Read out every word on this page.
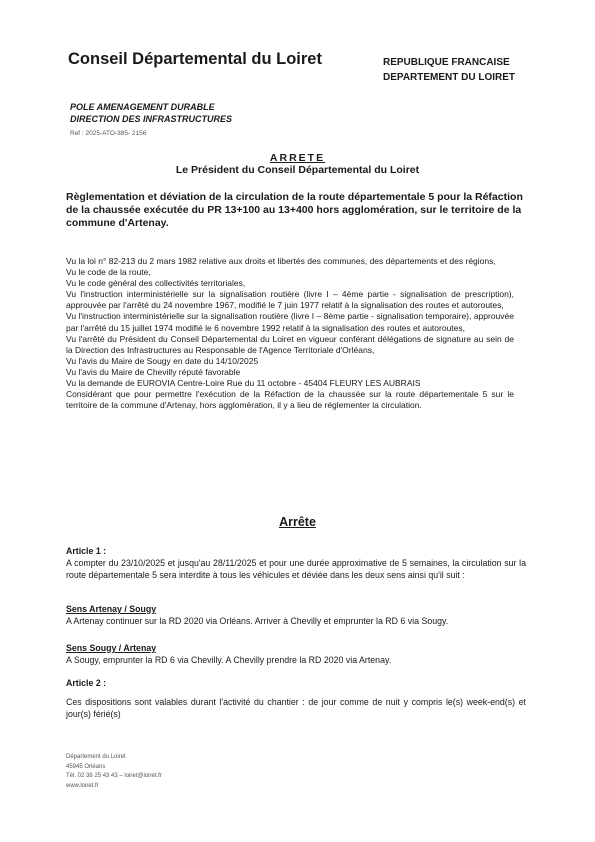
Conseil Départemental du Loiret	REPUBLIQUE FRANCAISE
DEPARTEMENT DU LOIRET
POLE AMENAGEMENT DURABLE
DIRECTION DES INFRASTRUCTURES
Ref : 2025-ATO-385- 2156
ARRETE
Le Président du Conseil Départemental du Loiret
Règlementation et déviation de la circulation de la route départementale 5 pour la Réfaction de la chaussée exécutée du PR 13+100 au 13+400 hors agglomération, sur le territoire de la commune d'Artenay.

Vu la loi n° 82-213 du 2 mars 1982 relative aux droits et libertés des communes, des départements et des régions,

Vu le code de la route,

Vu le code général des collectivités territoriales,

Vu l'instruction interministérielle sur la signalisation routière (livre I – 4ème partie - signalisation de prescription), approuvée par l'arrêté du 24 novembre 1967, modifié le 7 juin 1977 relatif à la signalisation des routes et autoroutes,

Vu l'instruction interministérielle sur la signalisation routière (livre I – 8ème partie - signalisation temporaire), approuvée par l'arrêté du 15 juillet 1974 modifié le 6 novembre 1992 relatif à la signalisation des routes et autoroutes,

Vu l'arrêté du Président du Conseil Départemental du Loiret en vigueur conférant délégations de signature au sein de la Direction des Infrastructures au Responsable de l'Agence Territoriale d'Orléans,

Vu l'avis du Maire de Sougy en date du 14/10/2025

Vu l'avis du Maire de Chevilly réputé favorable

Vu la demande de EUROVIA Centre-Loire Rue du 11 octobre - 45404 FLEURY LES AUBRAIS

Considérant que pour permettre l'exécution de la Réfaction de la chaussée sur la route départementale 5 sur le territoire de la commune d'Artenay, hors agglomération, il y a lieu de réglementer la circulation.

Arrête
Article 1 :
A compter du 23/10/2025 et jusqu'au 28/11/2025 et pour une durée approximative de 5 semaines, la circulation sur la route départementale 5 sera interdite à tous les véhicules et déviée dans les deux sens ainsi qu'il suit :
Sens Artenay / Sougy
A Artenay continuer sur la RD 2020 via Orléans. Arriver à Chevilly et emprunter la RD 6 via Sougy.
Sens Sougy / Artenay
A Sougy, emprunter la RD 6 via Chevilly. A Chevilly prendre la RD 2020 via Artenay.
Article 2 :
Ces dispositions sont valables durant l'activité du chantier : de jour comme de nuit y compris le(s) week-end(s) et jour(s) férié(s)
Département du Loiret
45945 Orléans
Tél. 02 38 25 43 43 – loiret@loiret.fr
www.loiret.fr
